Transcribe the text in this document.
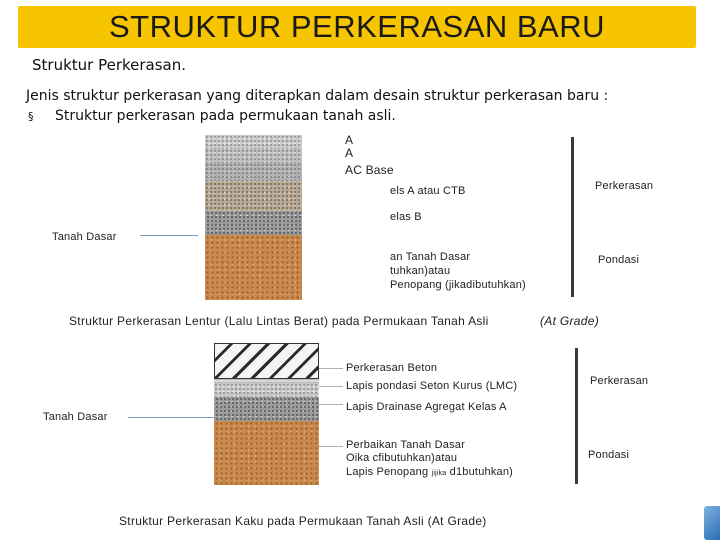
STRUKTUR PERKERASAN BARU
Struktur Perkerasan.
Jenis struktur perkerasan yang diterapkan dalam desain struktur perkerasan baru :
§ Struktur perkerasan pada permukaan tanah asli.
A
A
AC Base
els A atau CTB
elas B
an Tanah Dasar
tuhkan)atau
Penopang (jikadibutuhkan)
Tanah Dasar
Perkerasan
Pondasi
Struktur Perkerasan Lentur (Lalu Lintas Berat) pada Permukaan Tanah Asli	(At Grade)
Perkerasan Beton
Lapis pondasi Seton Kurus (LMC)
Lapis Drainase Agregat Kelas A
Perbaikan Tanah Dasar
Oika cfibutuhkan)atau
Lapis Penopang jijika d1butuhkan)
Tanah Dasar
Perkerasan
Pondasi
Struktur Perkerasan Kaku pada Permukaan Tanah Asli (At Grade)
